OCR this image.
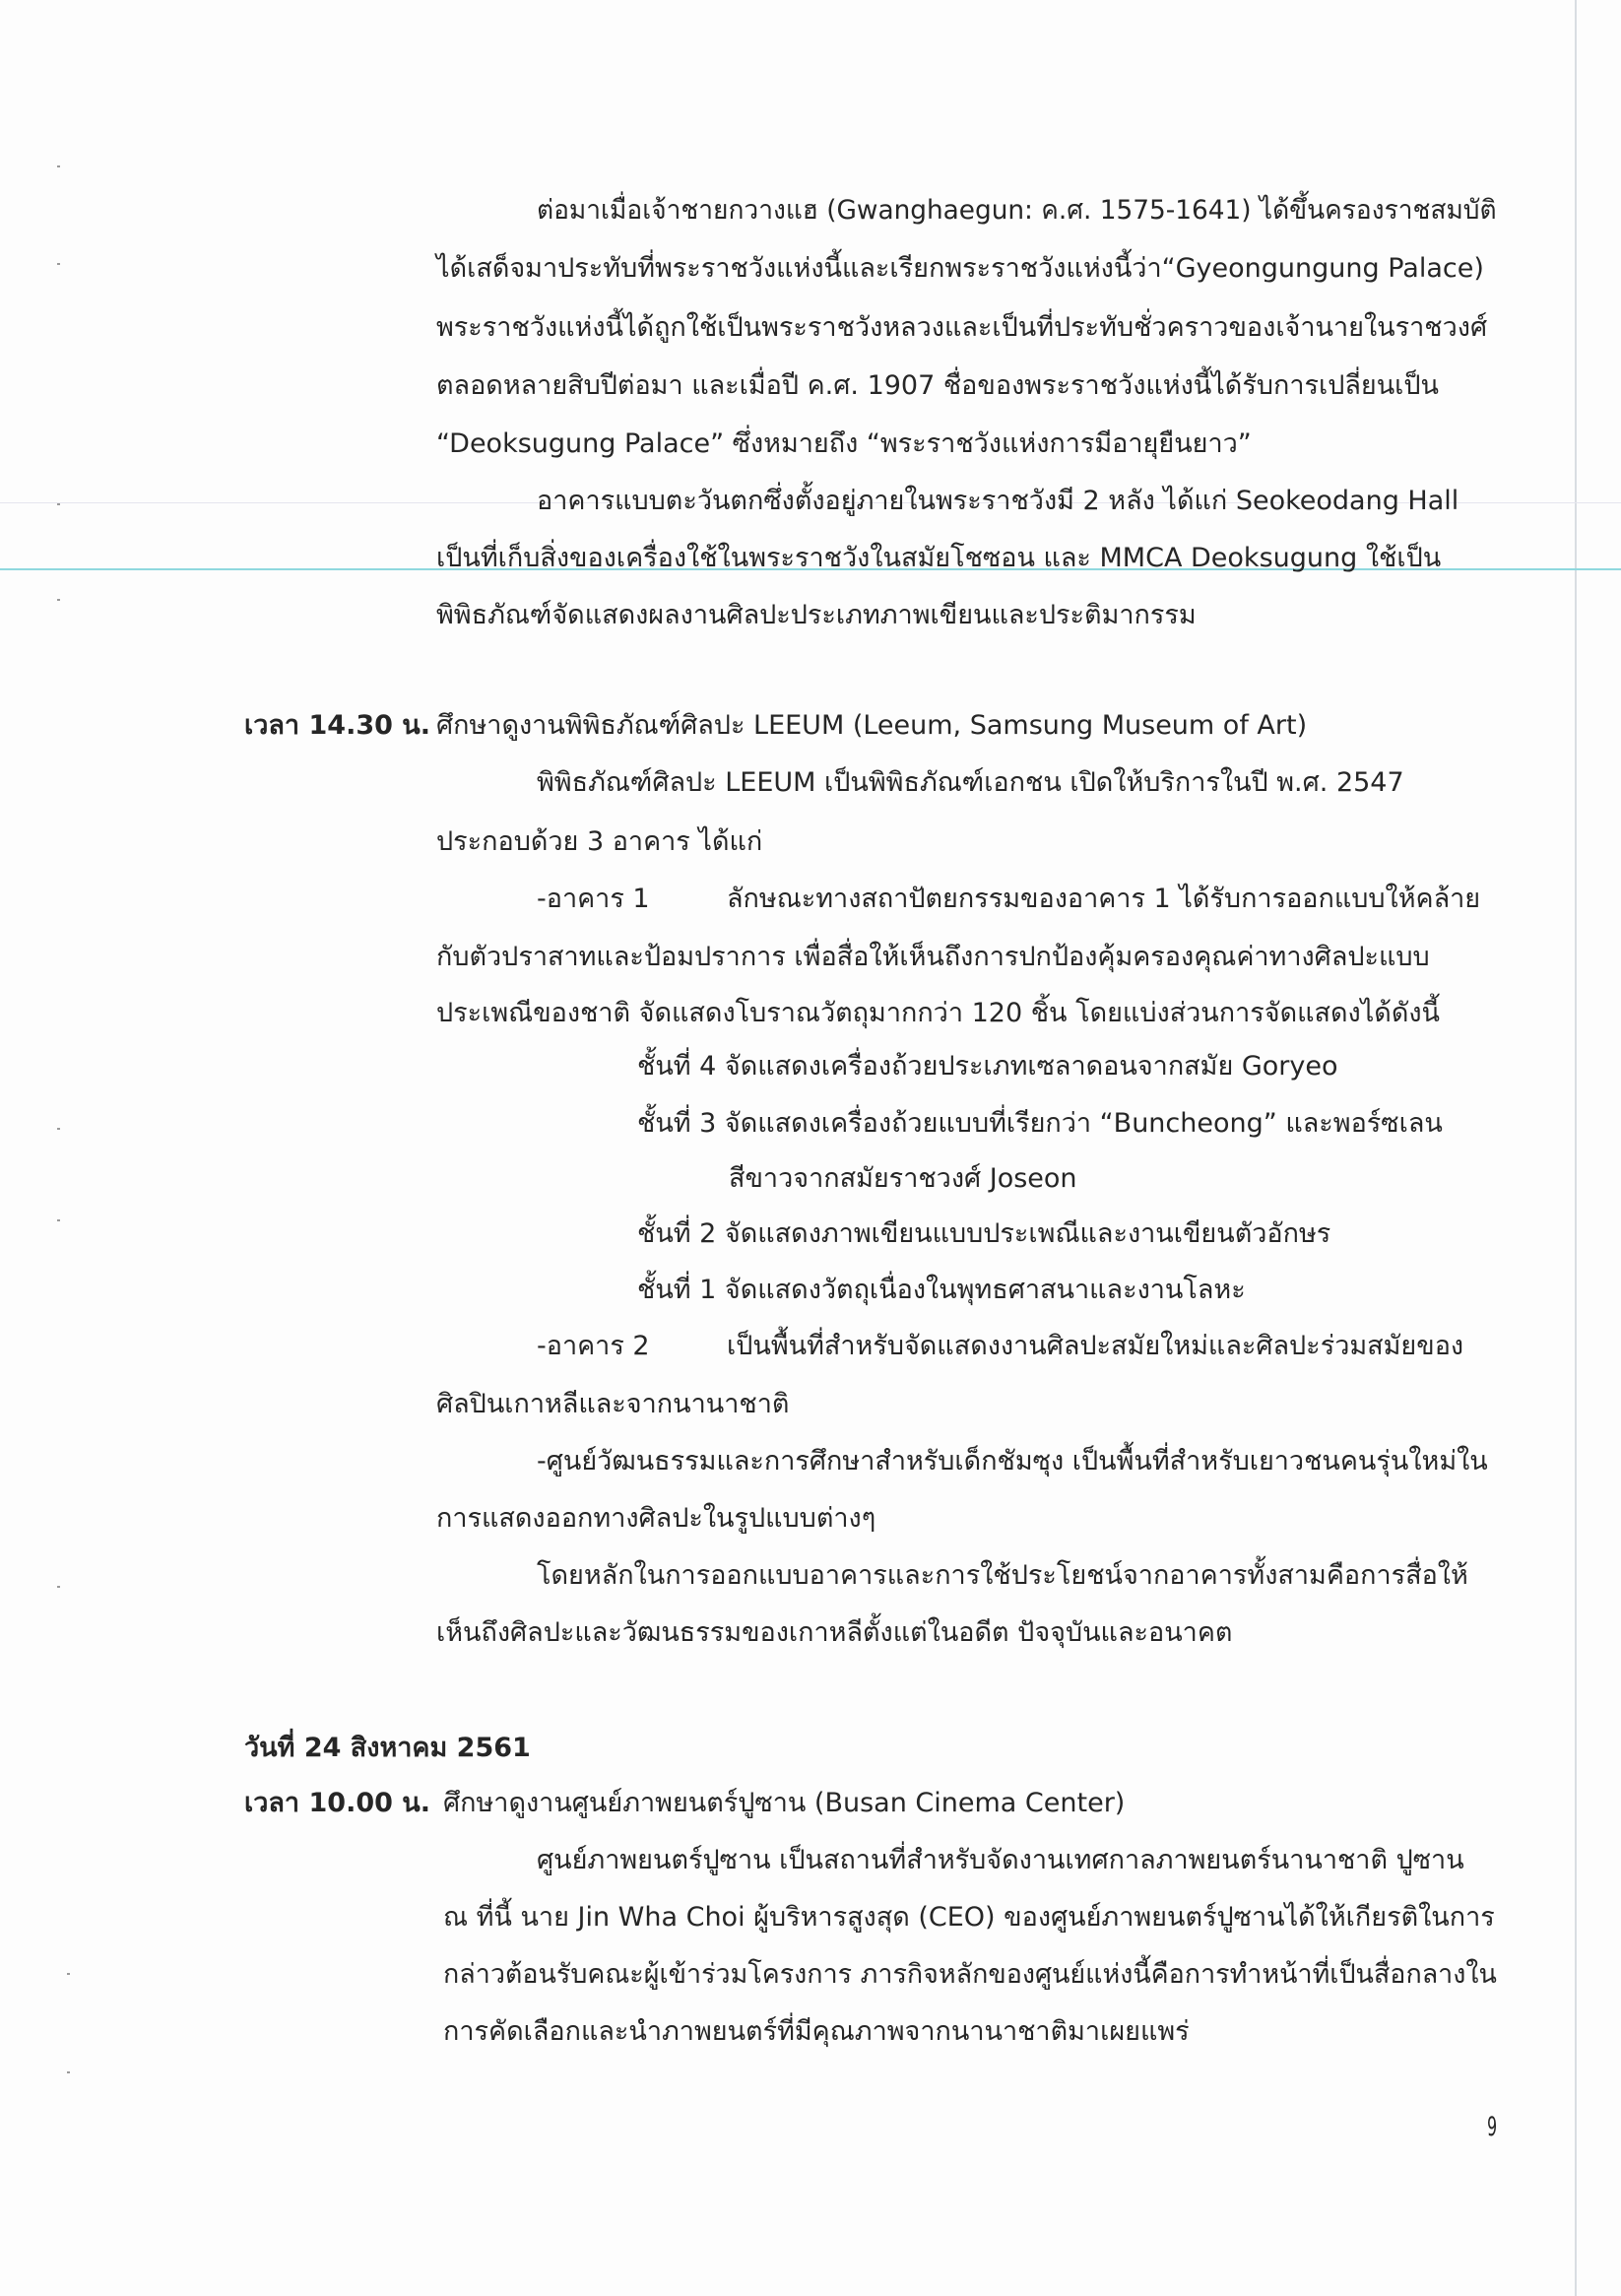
ต่อมาเมื่อเจ้าชายกวางแฮ (Gwanghaegun: ค.ศ. 1575-1641) ได้ขึ้นครองราชสมบัติ
ได้เสด็จมาประทับที่พระราชวังแห่งนี้และเรียกพระราชวังแห่งนี้ว่า“Gyeongungung Palace)
พระราชวังแห่งนี้ได้ถูกใช้เป็นพระราชวังหลวงและเป็นที่ประทับชั่วคราวของเจ้านายในราชวงศ์
ตลอดหลายสิบปีต่อมา และเมื่อปี ค.ศ. 1907 ชื่อของพระราชวังแห่งนี้ได้รับการเปลี่ยนเป็น
“Deoksugung Palace” ซึ่งหมายถึง “พระราชวังแห่งการมีอายุยืนยาว”
อาคารแบบตะวันตกซึ่งตั้งอยู่ภายในพระราชวังมี 2 หลัง ได้แก่ Seokeodang Hall
เป็นที่เก็บสิ่งของเครื่องใช้ในพระราชวังในสมัยโชซอน และ MMCA Deoksugung ใช้เป็น
พิพิธภัณฑ์จัดแสดงผลงานศิลปะประเภทภาพเขียนและประติมากรรม
เวลา 14.30 น. ศึกษาดูงานพิพิธภัณฑ์ศิลปะ LEEUM (Leeum, Samsung Museum of Art)
พิพิธภัณฑ์ศิลปะ LEEUM เป็นพิพิธภัณฑ์เอกชน เปิดให้บริการในปี พ.ศ. 2547
ประกอบด้วย 3 อาคาร ได้แก่
-อาคาร 1	ลักษณะทางสถาปัตยกรรมของอาคาร 1 ได้รับการออกแบบให้คล้าย
กับตัวปราสาทและป้อมปราการ เพื่อสื่อให้เห็นถึงการปกป้องคุ้มครองคุณค่าทางศิลปะแบบ
ประเพณีของชาติ จัดแสดงโบราณวัตถุมากกว่า 120 ชิ้น โดยแบ่งส่วนการจัดแสดงได้ดังนี้
ชั้นที่ 4 จัดแสดงเครื่องถ้วยประเภทเซลาดอนจากสมัย Goryeo
ชั้นที่ 3 จัดแสดงเครื่องถ้วยแบบที่เรียกว่า “Buncheong” และพอร์ซเลน
สีขาวจากสมัยราชวงศ์ Joseon
ชั้นที่ 2 จัดแสดงภาพเขียนแบบประเพณีและงานเขียนตัวอักษร
ชั้นที่ 1 จัดแสดงวัตถุเนื่องในพุทธศาสนาและงานโลหะ
-อาคาร 2	เป็นพื้นที่สำหรับจัดแสดงงานศิลปะสมัยใหม่และศิลปะร่วมสมัยของ
ศิลปินเกาหลีและจากนานาชาติ
-ศูนย์วัฒนธรรมและการศึกษาสำหรับเด็กชัมซุง เป็นพื้นที่สำหรับเยาวชนคนรุ่นใหม่ใน
การแสดงออกทางศิลปะในรูปแบบต่างๆ
โดยหลักในการออกแบบอาคารและการใช้ประโยชน์จากอาคารทั้งสามคือการสื่อให้
เห็นถึงศิลปะและวัฒนธรรมของเกาหลีตั้งแต่ในอดีต ปัจจุบันและอนาคต
วันที่ 24 สิงหาคม 2561
เวลา 10.00 น. ศึกษาดูงานศูนย์ภาพยนตร์ปูซาน (Busan Cinema Center)
ศูนย์ภาพยนตร์ปูซาน เป็นสถานที่สำหรับจัดงานเทศกาลภาพยนตร์นานาชาติ ปูซาน
ณ ที่นี้ นาย Jin Wha Choi ผู้บริหารสูงสุด (CEO) ของศูนย์ภาพยนตร์ปูซานได้ให้เกียรติในการ
กล่าวต้อนรับคณะผู้เข้าร่วมโครงการ ภารกิจหลักของศูนย์แห่งนี้คือการทำหน้าที่เป็นสื่อกลางใน
การคัดเลือกและนำภาพยนตร์ที่มีคุณภาพจากนานาชาติมาเผยแพร่
9
